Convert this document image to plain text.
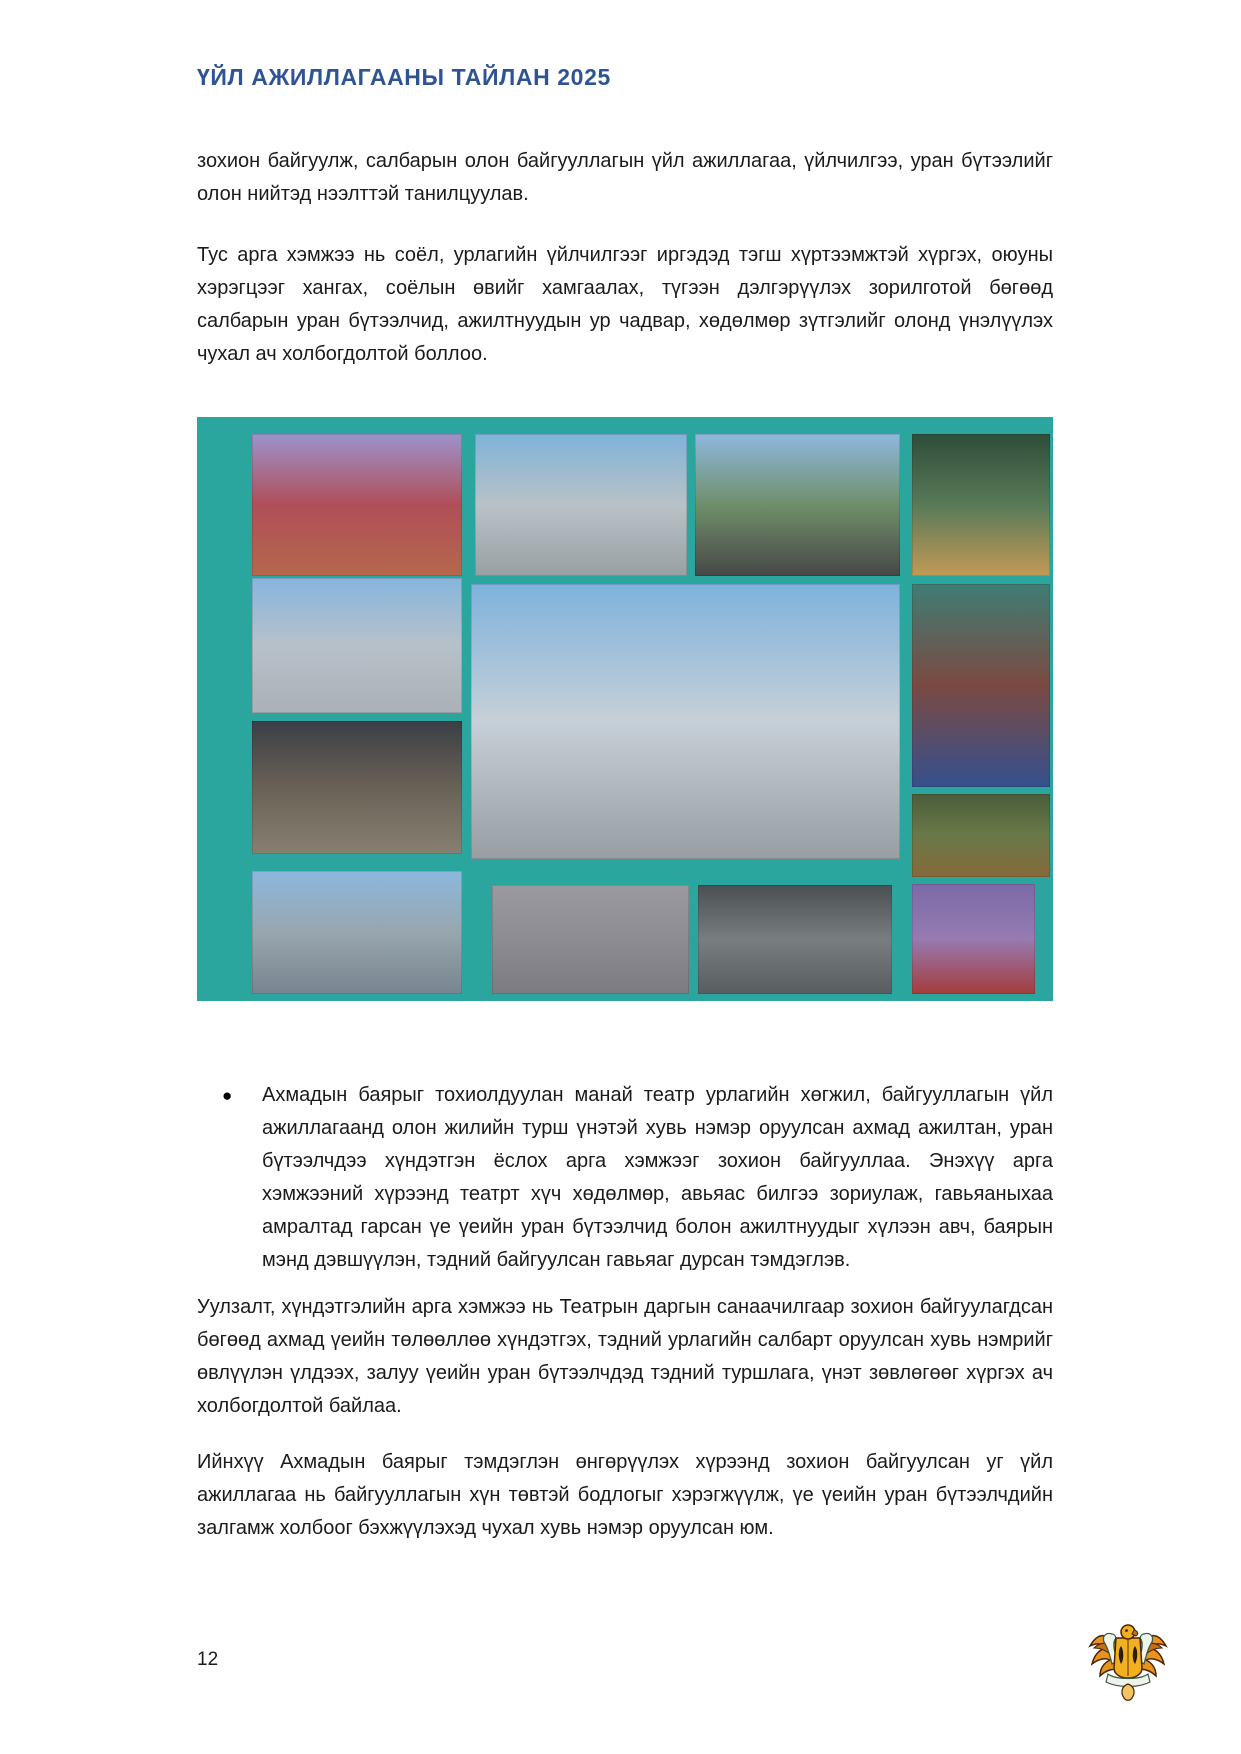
ҮЙЛ АЖИЛЛАГААНЫ ТАЙЛАН 2025

зохион байгуулж, салбарын олон байгууллагын үйл ажиллагаа, үйлчилгээ, уран бүтээлийг олон нийтэд нээлттэй танилцуулав.

Тус арга хэмжээ нь соёл, урлагийн үйлчилгээг иргэдэд тэгш хүртээмжтэй хүргэх, оюуны хэрэгцээг хангах, соёлын өвийг хамгаалах, түгээн дэлгэрүүлэх зорилготой бөгөөд салбарын уран бүтээлчид, ажилтнуудын ур чадвар, хөдөлмөр зүтгэлийг олонд үнэлүүлэх чухал ач холбогдолтой боллоо.

●	Ахмадын баярыг тохиолдуулан манай театр урлагийн хөгжил, байгууллагын үйл ажиллагаанд олон жилийн турш үнэтэй хувь нэмэр оруулсан ахмад ажилтан, уран бүтээлчдээ хүндэтгэн ёслох арга хэмжээг зохион байгууллаа. Энэхүү арга хэмжээний хүрээнд театрт хүч хөдөлмөр, авьяас билгээ зориулаж, гавьяаныхаа амралтад гарсан үе үеийн уран бүтээлчид болон ажилтнуудыг хүлээн авч, баярын мэнд дэвшүүлэн, тэдний байгуулсан гавьяаг дурсан тэмдэглэв.

Уулзалт, хүндэтгэлийн арга хэмжээ нь Театрын даргын санаачилгаар зохион байгуулагдсан бөгөөд ахмад үеийн төлөөллөө хүндэтгэх, тэдний урлагийн салбарт оруулсан хувь нэмрийг өвлүүлэн үлдээх, залуу үеийн уран бүтээлчдэд тэдний туршлага, үнэт зөвлөгөөг хүргэх ач холбогдолтой байлаа.

Ийнхүү Ахмадын баярыг тэмдэглэн өнгөрүүлэх хүрээнд зохион байгуулсан уг үйл ажиллагаа нь байгууллагын хүн төвтэй бодлогыг хэрэгжүүлж, үе үеийн уран бүтээлчдийн залгамж холбоог бэхжүүлэхэд чухал хувь нэмэр оруулсан юм.

12
